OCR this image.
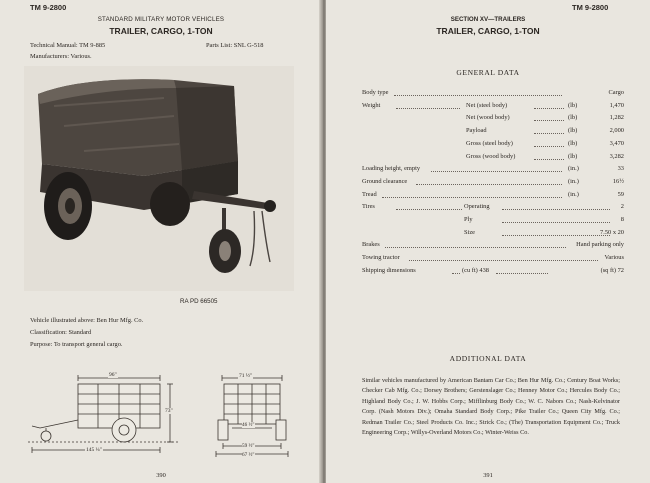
TM 9-2800
STANDARD MILITARY MOTOR VEHICLES
TRAILER, CARGO, 1-TON
Technical Manual: TM 9-885	Parts List: SNL G-518
Manufacturers: Various.
RA PD 66505
Vehicle illustrated above: Ben Hur Mfg. Co.
Classification: Standard
Purpose: To transport general cargo.
96"
73"
145 ¼"
71 ½"
46 ½"
59 ½"
67 ½"
390
TM 9-2800
SECTION XV—TRAILERS
TRAILER, CARGO, 1-TON
GENERAL DATA
Body type	Cargo
Weight	Net (steel body)	(lb)	1,470
Net (wood body)	(lb)	1,282
Payload	(lb)	2,000
Gross (steel body)	(lb)	3,470
Gross (wood body)	(lb)	3,282
Loading height, empty	(in.)	33
Ground clearance	(in.)	16½
Tread	(in.)	59
Tires	Operating	2
Ply	8
Size	7.50 x 20
Brakes	Hand parking only
Towing tractor	Various
Shipping dimensions	(cu ft) 438	(sq ft) 72
ADDITIONAL DATA
Similar vehicles manufactured by American Bantam Car Co.; Ben Hur Mfg. Co.; Century Boat Works; Checker Cab Mfg. Co.; Dorsey Brothers; Gerstenslager Co.; Henney Motor Co.; Hercules Body Co.; Highland Body Co.; J. W. Hobbs Corp.; Mifflinburg Body Co.; W. C. Nabors Co.; Nash-Kelvinator Corp. (Nash Motors Div.); Omaha Standard Body Corp.; Pike Trailer Co.; Queen City Mfg. Co.; Redman Trailer Co.; Steel Products Co. Inc.; Strick Co.; (The) Transportation Equipment Co.; Truck Engineering Corp.; Willys-Overland Motors Co.; Winter-Weiss Co.
391
